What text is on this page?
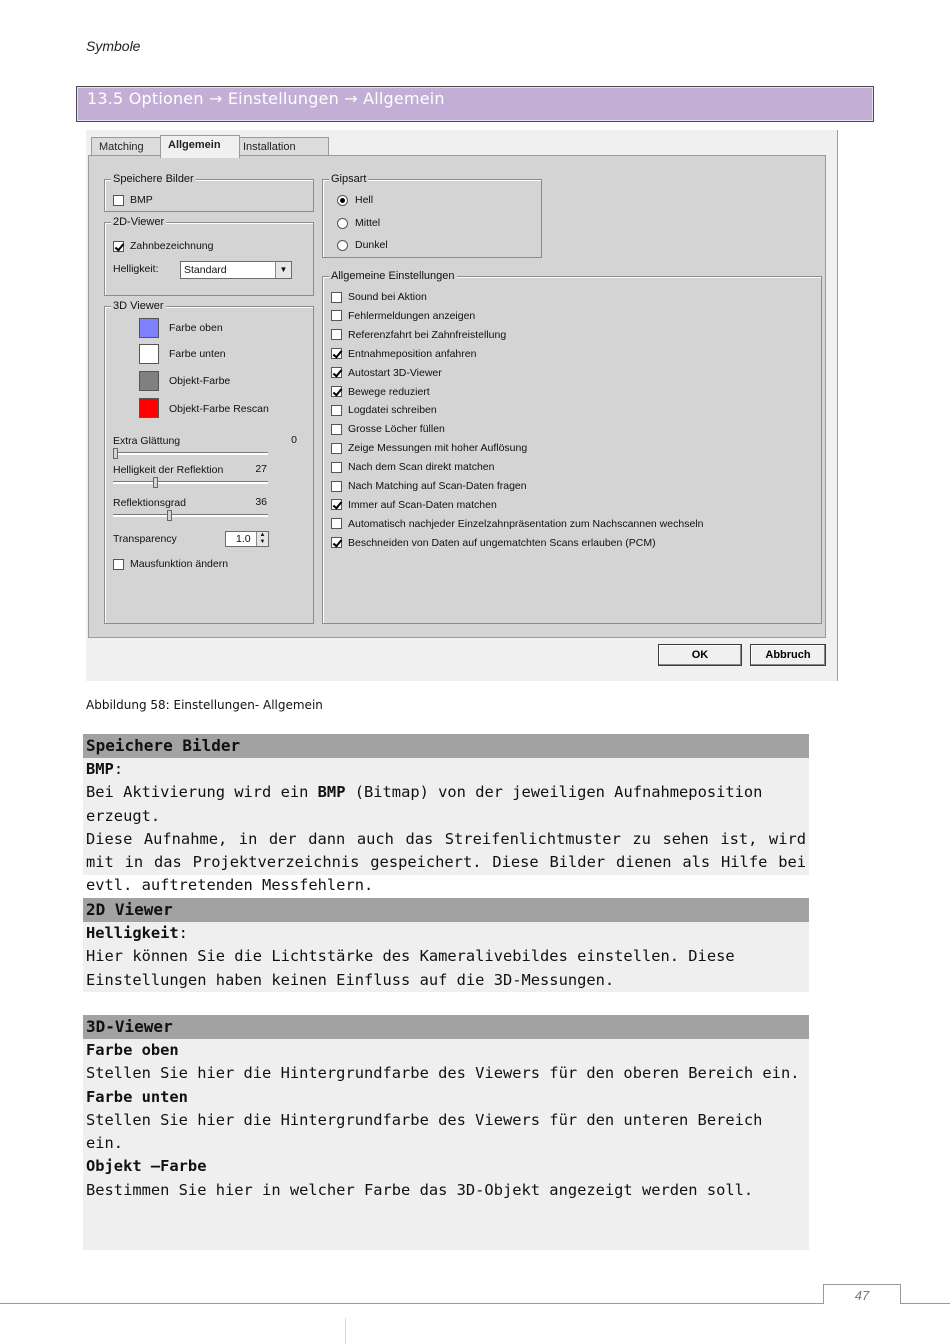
Symbole
13.5 Optionen → Einstellungen → Allgemein
Matching	Allgemein	Installation
Speichere Bilder
BMP
2D-Viewer
Zahnbezeichnung
Helligkeit:	Standard	▼
3D Viewer
Farbe oben
Farbe unten
Objekt-Farbe
Objekt-Farbe Rescan
Extra Glättung	0
Helligkeit der Reflektion	27
Reflektionsgrad	36
Transparency	1.0	▲
▼
Mausfunktion ändern
Gipsart
Hell
Mittel
Dunkel
Allgemeine Einstellungen
Sound bei Aktion
Fehlermeldungen anzeigen
Referenzfahrt bei Zahnfreistellung
Entnahmeposition anfahren
Autostart 3D-Viewer
Bewege reduziert
Logdatei schreiben
Grosse Löcher füllen
Zeige Messungen mit hoher Auflösung
Nach dem Scan direkt matchen
Nach Matching auf Scan-Daten fragen
Immer auf Scan-Daten matchen
Automatisch nachjeder Einzelzahnpräsentation zum Nachscannen wechseln
Beschneiden von Daten auf ungematchten Scans erlauben (PCM)
OK	Abbruch
Abbildung 58: Einstellungen- Allgemein
Speichere Bilder

BMP:

Bei Aktivierung wird ein BMP (Bitmap) von der jeweiligen Aufnahmeposition erzeugt.

Diese Aufnahme, in der dann auch das Streifenlichtmuster zu sehen ist, wird mit in das Projektverzeichnis gespeichert. Diese Bilder dienen als Hilfe bei evtl. auftretenden Messfehlern.

2D Viewer

Helligkeit:

Hier können Sie die Lichtstärke des Kameralivebildes einstellen. Diese Einstellungen haben keinen Einfluss auf die 3D-Messungen.

3D-Viewer

Farbe oben

Stellen Sie hier die Hintergrundfarbe des Viewers für den oberen Bereich ein.

Farbe unten

Stellen Sie hier die Hintergrundfarbe des Viewers für den unteren Bereich ein.

Objekt –Farbe

Bestimmen Sie hier in welcher Farbe das 3D-Objekt angezeigt werden soll.

47
